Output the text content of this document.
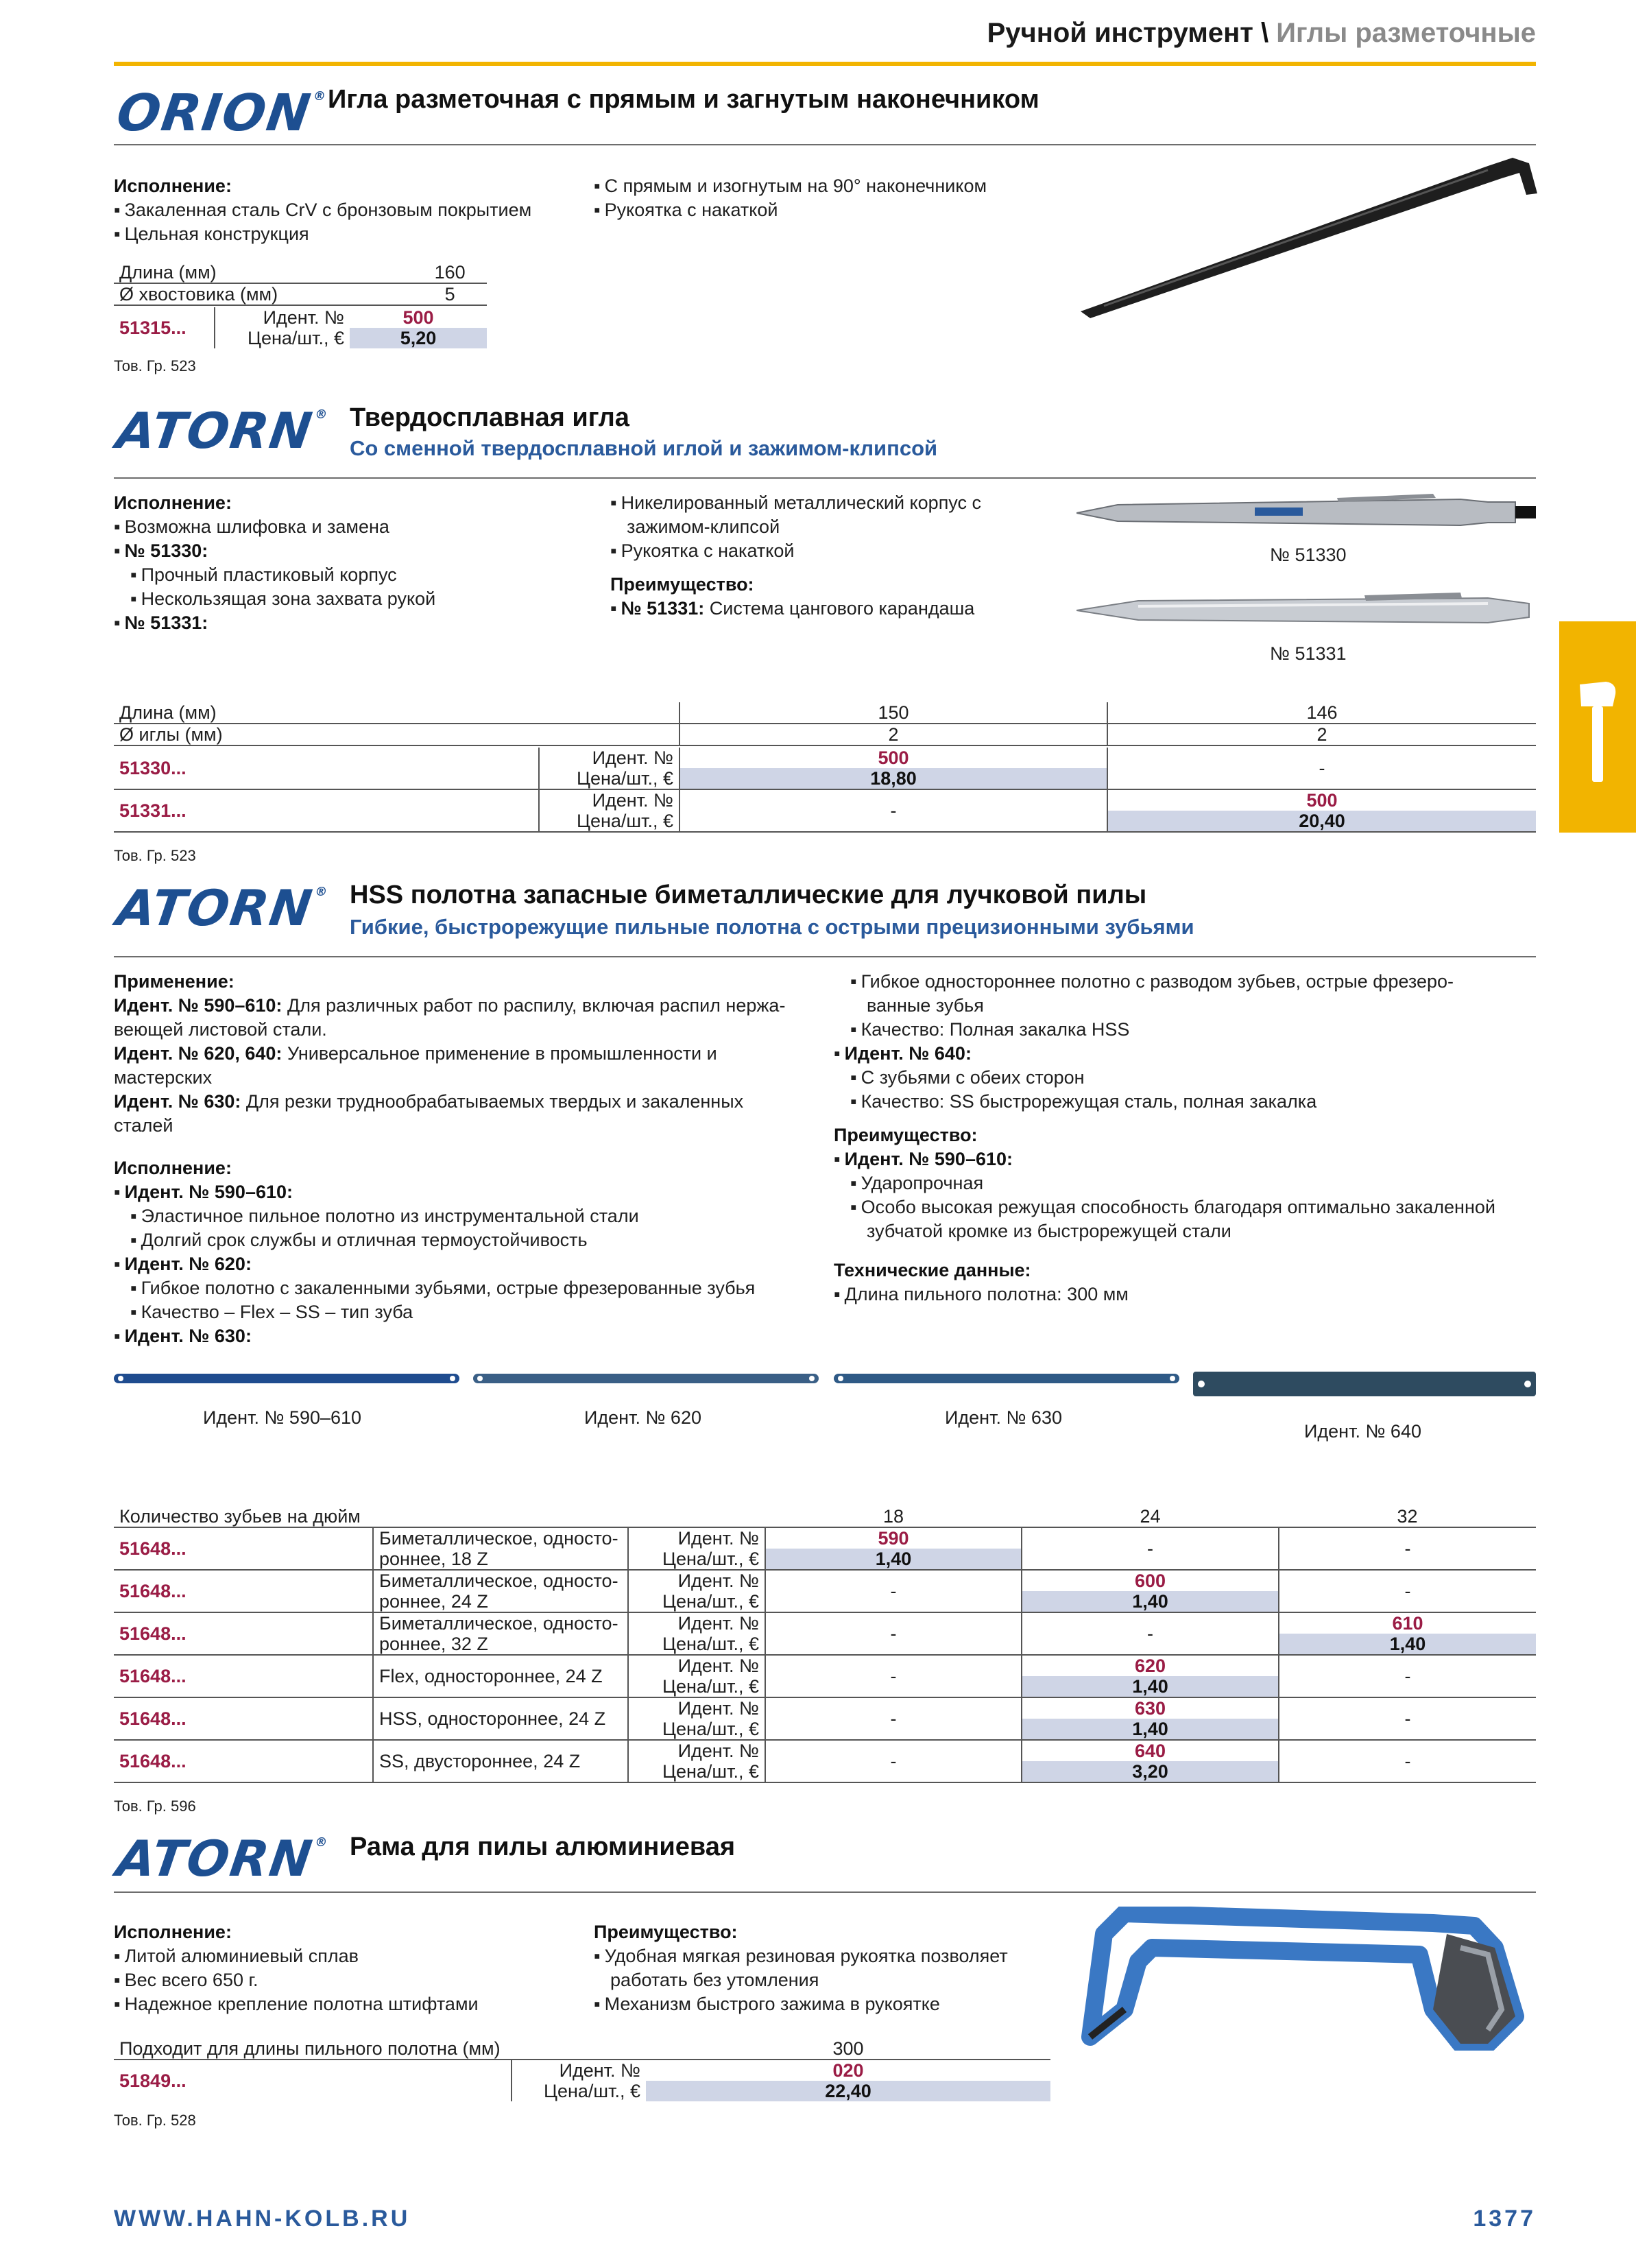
Ручной инструмент \ Иглы разметочные
ORION® Игла разметочная с прямым и загнутым наконечником
Исполнение:
▪ Закаленная сталь CrV с бронзовым покрытием
▪ Цельная конструкция
▪ С прямым и изогнутым на 90° наконечником
▪ Рукоятка с накаткой
Длина (мм)	160
Ø хвостовика (мм)	5
51315...	Идент. №	500
	Цена/шт., €	5,20
Тов. Гр. 523
ATORN® Твердосплавная игла
Со сменной твердосплавной иглой и зажимом-клипсой
Исполнение:
▪ Возможна шлифовка и замена
▪ № 51330:
▪ Прочный пластиковый корпус
▪ Нескользящая зона захвата рукой
▪ № 51331:
▪ Никелированный металлический корпус с
зажимом-клипсой
▪ Рукоятка с накаткой
Преимущество:
▪ № 51331: Система цангового карандаша
№ 51330
№ 51331
Длина (мм)	150	146
Ø иглы (мм)	2	2
51330...	Идент. №	500	-
	Цена/шт., €	18,80	
51331...	Идент. №	-	500
	Цена/шт., €		20,40
Тов. Гр. 523
ATORN® HSS полотна запасные биметаллические для лучковой пилы
Гибкие, быстрорежущие пильные полотна с острыми прецизионными зубьями
Применение:
Идент. № 590–610: Для различных работ по распилу, включая распил нержа-
веющей листовой стали.
Идент. № 620, 640: Универсальное применение в промышленности и
мастерских
Идент. № 630: Для резки труднообрабатываемых твердых и закаленных
сталей
Исполнение:
▪ Идент. № 590–610:
▪ Эластичное пильное полотно из инструментальной стали
▪ Долгий срок службы и отличная термоустойчивость
▪ Идент. № 620:
▪ Гибкое полотно с закаленными зубьями, острые фрезерованные зубья
▪ Качество – Flex – SS – тип зуба
▪ Идент. № 630:
▪ Гибкое одностороннее полотно с разводом зубьев, острые фрезеро-
ванные зубья
▪ Качество: Полная закалка HSS
▪ Идент. № 640:
▪ С зубьями с обеих сторон
▪ Качество: SS быстрорежущая сталь, полная закалка
Преимущество:
▪ Идент. № 590–610:
▪ Ударопрочная
▪ Особо высокая режущая способность благодаря оптимально закаленной
зубчатой кромке из быстрорежущей стали
Технические данные:
▪ Длина пильного полотна: 300 мм
Идент. № 590–610	Идент. № 620	Идент. № 630
Идент. № 640
Количество зубьев на дюйм			18	24	32
51648...	Биметаллическое, односто-
роннее, 18 Z	Идент. №	590	-	-
		Цена/шт., €	1,40		
51648...	Биметаллическое, односто-
роннее, 24 Z	Идент. №	-	600	-
		Цена/шт., €		1,40	
51648...	Биметаллическое, односто-
роннее, 32 Z	Идент. №	-	-	610
		Цена/шт., €			1,40
51648...	Flex, одностороннее, 24 Z	Идент. №	-	620	-
		Цена/шт., €		1,40	
51648...	HSS, одностороннее, 24 Z	Идент. №	-	630	-
		Цена/шт., €		1,40	
51648...	SS, двустороннее, 24 Z	Идент. №	-	640	-
		Цена/шт., €		3,20	
Тов. Гр. 596
ATORN® Рама для пилы алюминиевая
Исполнение:
▪ Литой алюминиевый сплав
▪ Вес всего 650 г.
▪ Надежное крепление полотна штифтами
Преимущество:
▪ Удобная мягкая резиновая рукоятка позволяет
работать без утомления
▪ Механизм быстрого зажима в рукоятке
Подходит для длины пильного полотна (мм)		300
51849...	Идент. №	020
	Цена/шт., €	22,40
Тов. Гр. 528
WWW.HAHN-KOLB.RU	1377
